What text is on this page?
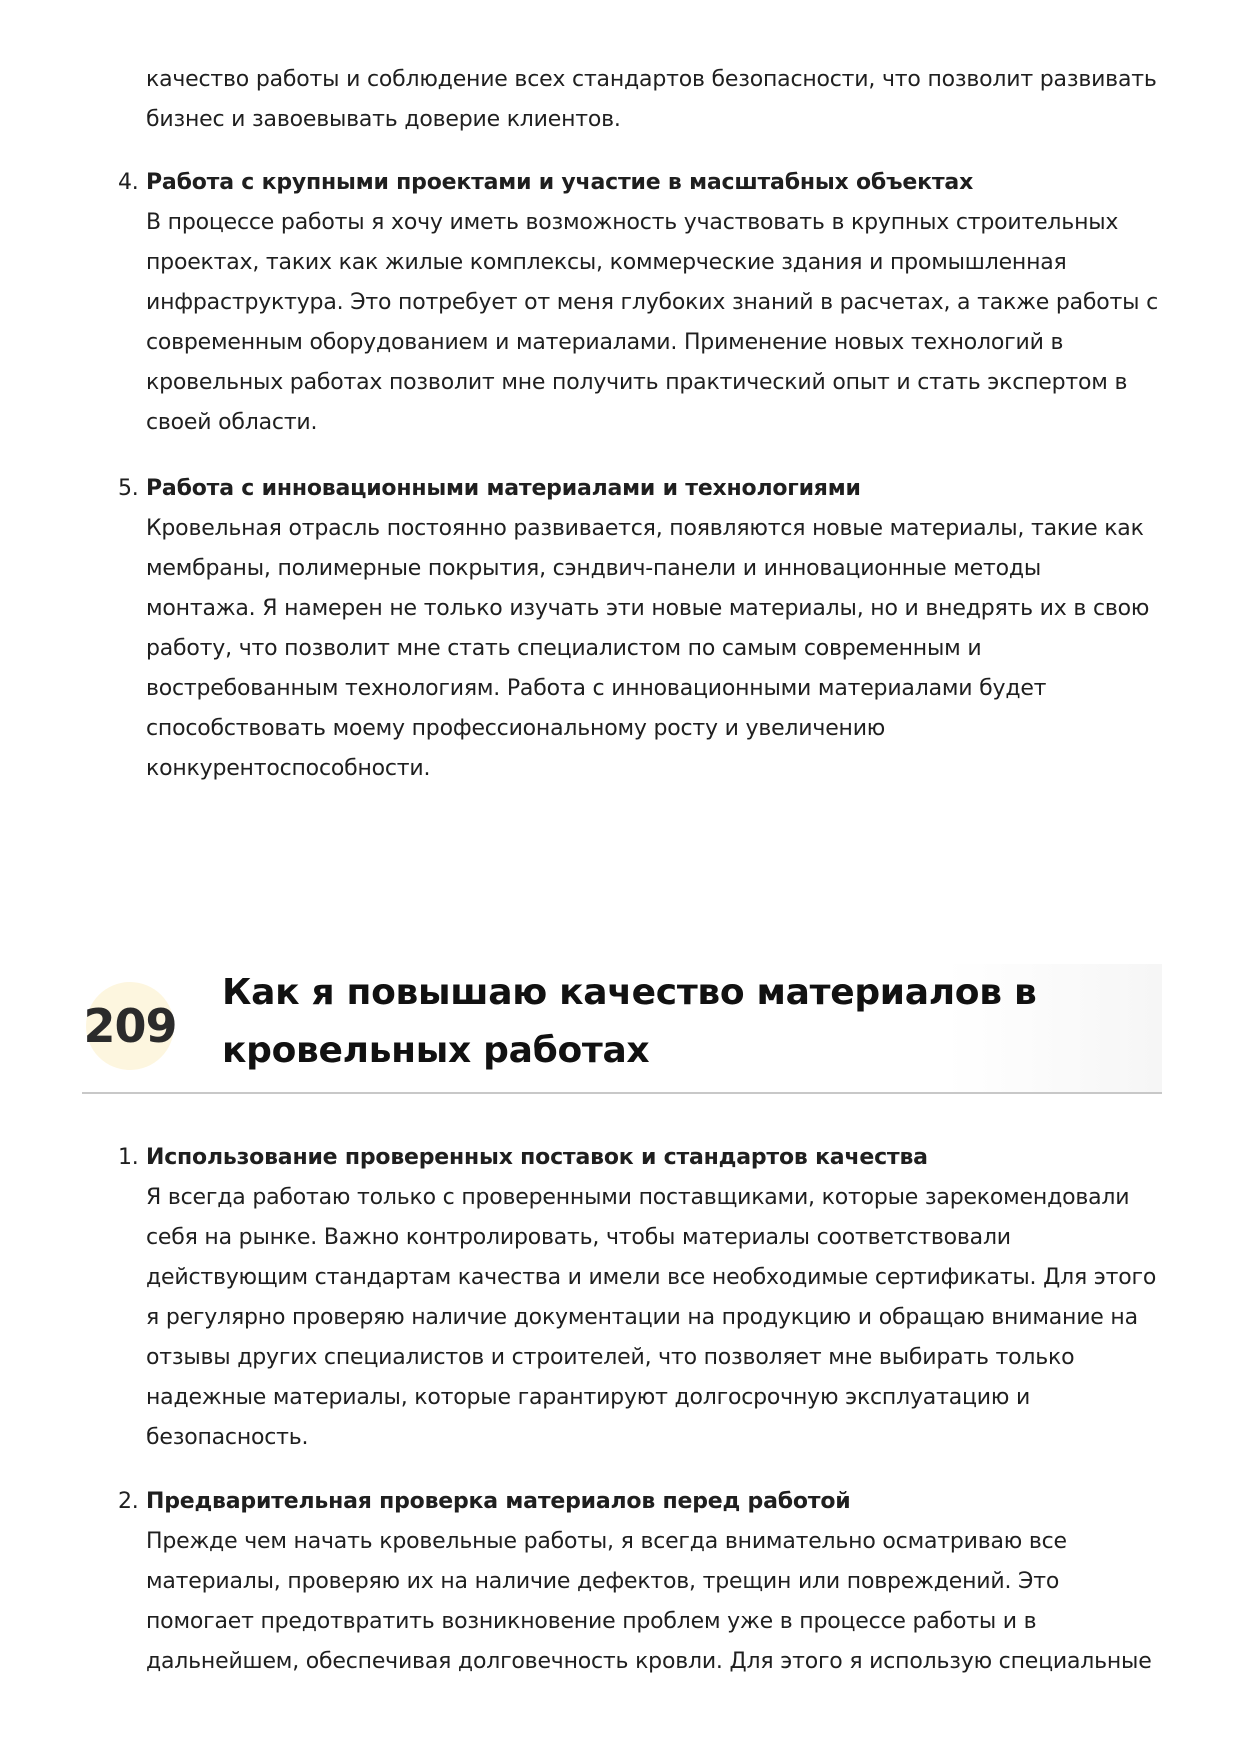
качество работы и соблюдение всех стандартов безопасности, что позволит развивать
бизнес и завоевывать доверие клиентов.
4. Работа с крупными проектами и участие в масштабных объектах
В процессе работы я хочу иметь возможность участвовать в крупных строительных
проектах, таких как жилые комплексы, коммерческие здания и промышленная
инфраструктура. Это потребует от меня глубоких знаний в расчетах, а также работы с
современным оборудованием и материалами. Применение новых технологий в
кровельных работах позволит мне получить практический опыт и стать экспертом в
своей области.
5. Работа с инновационными материалами и технологиями
Кровельная отрасль постоянно развивается, появляются новые материалы, такие как
мембраны, полимерные покрытия, сэндвич-панели и инновационные методы
монтажа. Я намерен не только изучать эти новые материалы, но и внедрять их в свою
работу, что позволит мне стать специалистом по самым современным и
востребованным технологиям. Работа с инновационными материалами будет
способствовать моему профессиональному росту и увеличению
конкурентоспособности.
209
Как я повышаю качество материалов в
кровельных работах
1. Использование проверенных поставок и стандартов качества
Я всегда работаю только с проверенными поставщиками, которые зарекомендовали
себя на рынке. Важно контролировать, чтобы материалы соответствовали
действующим стандартам качества и имели все необходимые сертификаты. Для этого
я регулярно проверяю наличие документации на продукцию и обращаю внимание на
отзывы других специалистов и строителей, что позволяет мне выбирать только
надежные материалы, которые гарантируют долгосрочную эксплуатацию и
безопасность.
2. Предварительная проверка материалов перед работой
Прежде чем начать кровельные работы, я всегда внимательно осматриваю все
материалы, проверяю их на наличие дефектов, трещин или повреждений. Это
помогает предотвратить возникновение проблем уже в процессе работы и в
дальнейшем, обеспечивая долговечность кровли. Для этого я использую специальные
